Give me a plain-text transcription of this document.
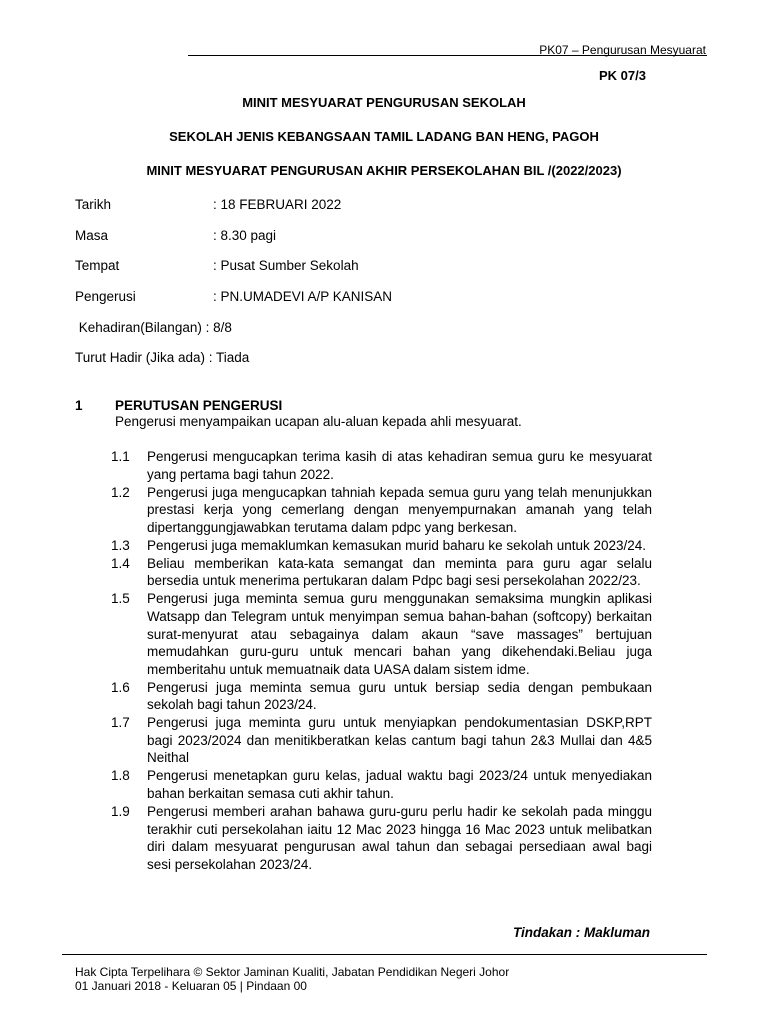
PK07 – Pengurusan Mesyuarat
PK 07/3
MINIT MESYUARAT PENGURUSAN SEKOLAH
SEKOLAH JENIS KEBANGSAAN TAMIL LADANG BAN HENG, PAGOH
MINIT MESYUARAT PENGURUSAN AKHIR PERSEKOLAHAN BIL /(2022/2023)
Tarikh	: 18 FEBRUARI 2022
Masa	: 8.30 pagi
Tempat	: Pusat Sumber Sekolah
Pengerusi	: PN.UMADEVI A/P KANISAN
Kehadiran(Bilangan) : 8/8
Turut Hadir (Jika ada) : Tiada
1 PERUTUSAN PENGERUSI
Pengerusi menyampaikan ucapan alu-aluan kepada ahli mesyuarat.
1.1	Pengerusi mengucapkan terima kasih di atas kehadiran semua guru ke mesyuarat yang pertama bagi tahun 2022.
1.2	Pengerusi juga mengucapkan tahniah kepada semua guru yang telah menunjukkan prestasi kerja yong cemerlang dengan menyempurnakan amanah yang telah dipertanggungjawabkan terutama dalam pdpc yang berkesan.
1.3	Pengerusi juga memaklumkan kemasukan murid baharu ke sekolah untuk 2023/24.
1.4	Beliau memberikan kata-kata semangat dan meminta para guru agar selalu bersedia untuk menerima pertukaran dalam Pdpc bagi sesi persekolahan 2022/23.
1.5	Pengerusi juga meminta semua guru menggunakan semaksima mungkin aplikasi Watsapp dan Telegram untuk menyimpan semua bahan-bahan (softcopy) berkaitan surat-menyurat atau sebagainya dalam akaun “save massages” bertujuan memudahkan guru-guru untuk mencari bahan yang dikehendaki.Beliau juga memberitahu untuk memuatnaik data UASA dalam sistem idme.
1.6	Pengerusi juga meminta semua guru untuk bersiap sedia dengan pembukaan sekolah bagi tahun 2023/24.
1.7	Pengerusi juga meminta guru untuk menyiapkan pendokumentasian DSKP,RPT bagi 2023/2024 dan menitikberatkan kelas cantum bagi tahun 2&3 Mullai dan 4&5 Neithal
1.8	Pengerusi menetapkan guru kelas, jadual waktu bagi 2023/24 untuk menyediakan bahan berkaitan semasa cuti akhir tahun.
1.9	Pengerusi memberi arahan bahawa guru-guru perlu hadir ke sekolah pada minggu terakhir cuti persekolahan iaitu 12 Mac 2023 hingga 16 Mac 2023 untuk melibatkan diri dalam mesyuarat pengurusan awal tahun dan sebagai persediaan awal bagi sesi persekolahan 2023/24.
Tindakan : Makluman
Hak Cipta Terpelihara © Sektor Jaminan Kualiti, Jabatan Pendidikan Negeri Johor
01 Januari 2018 - Keluaran 05 | Pindaan 00
